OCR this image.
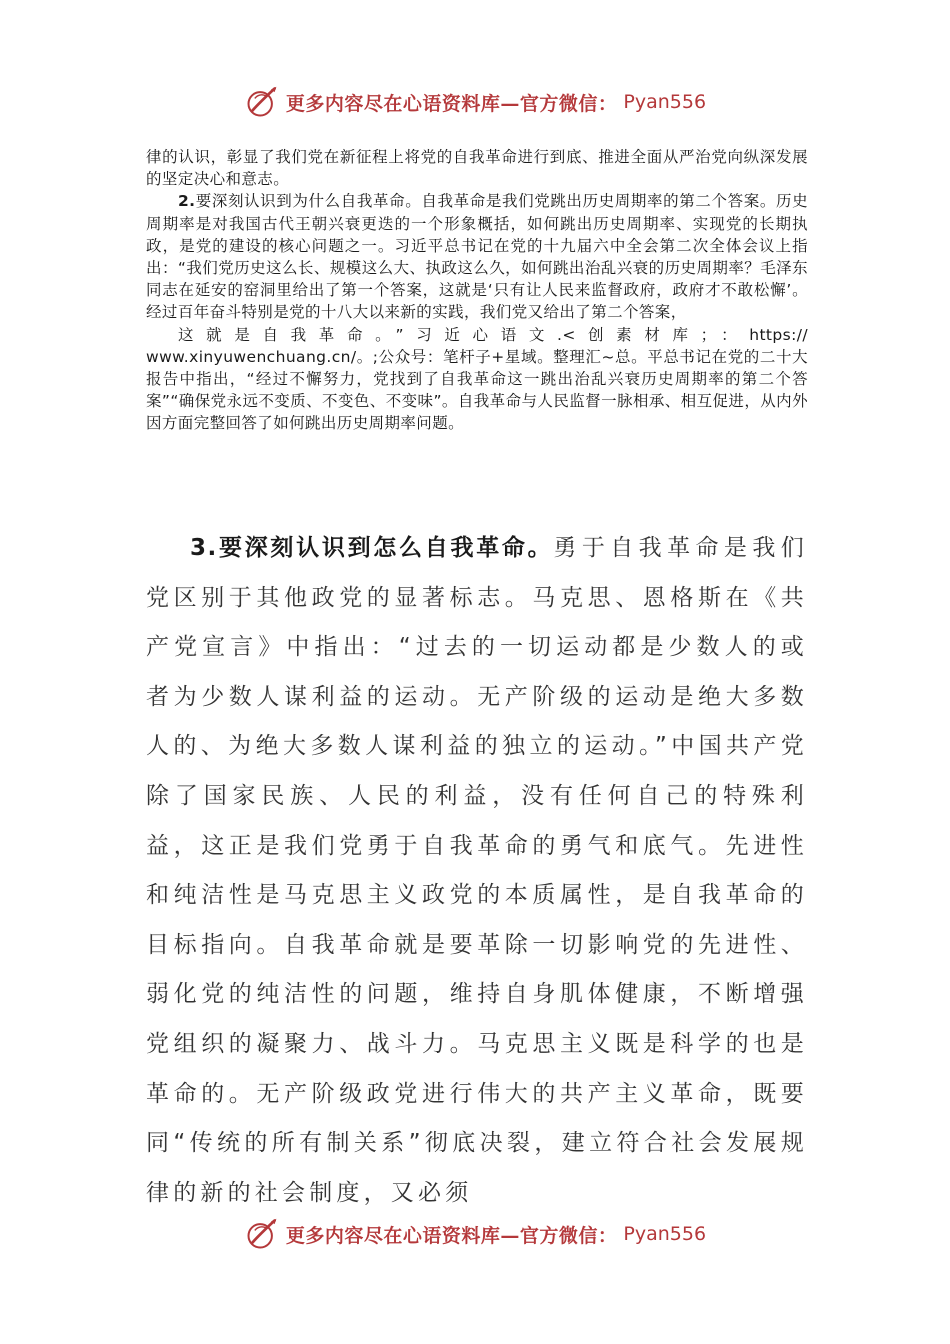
更多内容尽在心语资料库—官方微信： Pyan556

律的认识，彰显了我们党在新征程上将党的自我革命进行到底、推进全面从严治党向纵深发展的坚定决心和意志。

2.要深刻认识到为什么自我革命。自我革命是我们党跳出历史周期率的第二个答案。历史周期率是对我国古代王朝兴衰更迭的一个形象概括，如何跳出历史周期率、实现党的长期执政，是党的建设的核心问题之一。习近平总书记在党的十九届六中全会第二次全体会议上指出：“我们党历史这么长、规模这么大、执政这么久，如何跳出治乱兴衰的历史周期率？毛泽东同志在延安的窑洞里给出了第一个答案，这就是‘只有让人民来监督政府，政府才不敢松懈’。经过百年奋斗特别是党的十八大以来新的实践，我们党又给出了第二个答案，
这就是自我革命。”习近心语文.<创素材库；：https://
www.xinyuwenchuang.cn/。;公众号：笔杆子+星域。整理汇~总。平总书记在党的二十大报告中指出，“经过不懈努力，党找到了自我革命这一跳出治乱兴衰历史周期率的第二个答案”“确保党永远不变质、不变色、不变味”。自我革命与人民监督一脉相承、相互促进，从内外因方面完整回答了如何跳出历史周期率问题。

3.要深刻认识到怎么自我革命。勇于自我革命是我们党区别于其他政党的显著标志。马克思、恩格斯在《共产党宣言》中指出：“过去的一切运动都是少数人的或者为少数人谋利益的运动。无产阶级的运动是绝大多数人的、为绝大多数人谋利益的独立的运动。”中国共产党除了国家民族、人民的利益，没有任何自己的特殊利益，这正是我们党勇于自我革命的勇气和底气。先进性和纯洁性是马克思主义政党的本质属性，是自我革命的目标指向。自我革命就是要革除一切影响党的先进性、弱化党的纯洁性的问题，维持自身肌体健康，不断增强党组织的凝聚力、战斗力。马克思主义既是科学的也是革命的。无产阶级政党进行伟大的共产主义革命，既要同“传统的所有制关系”彻底决裂，建立符合社会发展规律的新的社会制度，又必须

更多内容尽在心语资料库—官方微信： Pyan556
